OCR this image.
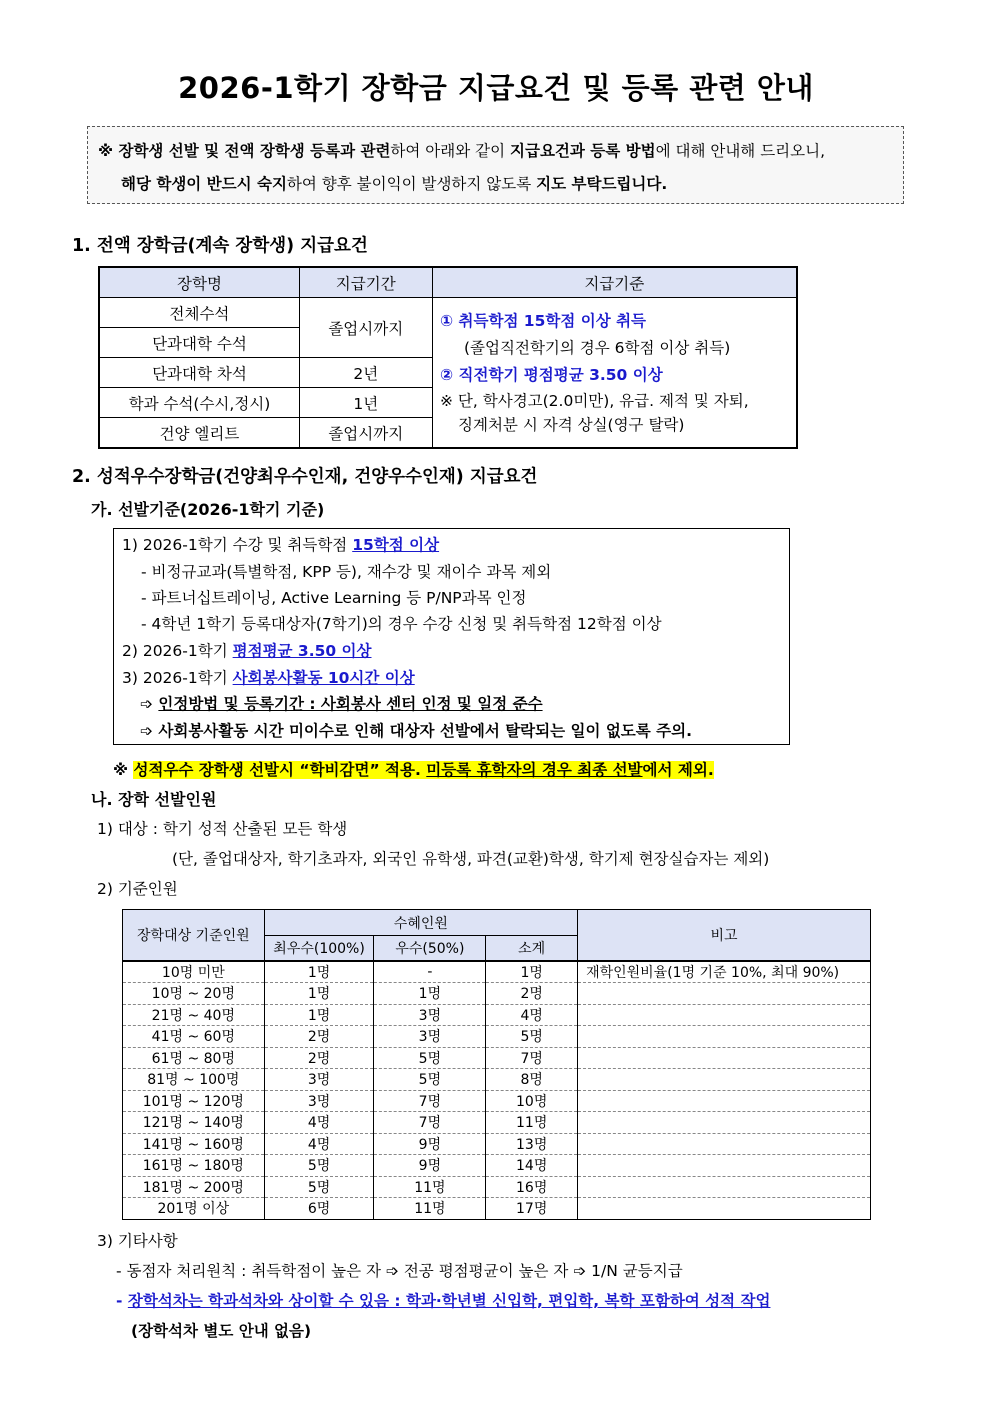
2026-1학기 장학금 지급요건 및 등록 관련 안내
※ 장학생 선발 및 전액 장학생 등록과 관련하여 아래와 같이 지급요건과 등록 방법에 대해 안내해 드리오니,
해당 학생이 반드시 숙지하여 향후 불이익이 발생하지 않도록 지도 부탁드립니다.
1. 전액 장학금(계속 장학생) 지급요건
장학명	지급기간	지급기준
전체수석	졸업시까지	
단과대학 수석		
단과대학 차석	2년	
학과 수석(수시,정시)	1년	
건양 엘리트	졸업시까지	
① 취득학점 15학점 이상 취득
(졸업직전학기의 경우 6학점 이상 취득)
② 직전학기 평점평균 3.50 이상
※ 단, 학사경고(2.0미만), 유급. 제적 및 자퇴,
징계처분 시 자격 상실(영구 탈락)
2. 성적우수장학금(건양최우수인재, 건양우수인재) 지급요건
가. 선발기준(2026-1학기 기준)
1) 2026-1학기 수강 및 취득학점 15학점 이상
- 비정규교과(특별학점, KPP 등), 재수강 및 재이수 과목 제외
- 파트너십트레이닝, Active Learning 등 P/NP과목 인정
- 4학년 1학기 등록대상자(7학기)의 경우 수강 신청 및 취득학점 12학점 이상
2) 2026-1학기 평점평균 3.50 이상
3) 2026-1학기 사회봉사활동 10시간 이상
➩ 인정방법 및 등록기간 : 사회봉사 센터 인정 및 일정 준수
➩ 사회봉사활동 시간 미이수로 인해 대상자 선발에서 탈락되는 일이 없도록 주의.
※ 성적우수 장학생 선발시 “학비감면” 적용. 미등록 휴학자의 경우 최종 선발에서 제외.
나. 장학 선발인원
1) 대상 : 학기 성적 산출된 모든 학생
(단, 졸업대상자, 학기초과자, 외국인 유학생, 파견(교환)학생, 학기제 현장실습자는 제외)
2) 기준인원
장학대상 기준인원	수혜인원			비고
	최우수(100%)	우수(50%)	소계	
10명 미만	1명	-	1명	재학인원비율(1명 기준 10%, 최대 90%)
10명 ~ 20명	1명	1명	2명	
21명 ~ 40명	1명	3명	4명	
41명 ~ 60명	2명	3명	5명	
61명 ~ 80명	2명	5명	7명	
81명 ~ 100명	3명	5명	8명	
101명 ~ 120명	3명	7명	10명	
121명 ~ 140명	4명	7명	11명	
141명 ~ 160명	4명	9명	13명	
161명 ~ 180명	5명	9명	14명	
181명 ~ 200명	5명	11명	16명	
201명 이상	6명	11명	17명	
3) 기타사항
- 동점자 처리원칙 : 취득학점이 높은 자 ➩ 전공 평점평균이 높은 자 ➩ 1/N 균등지급
- 장학석차는 학과석차와 상이할 수 있음 : 학과·학년별 신입학, 편입학, 복학 포함하여 성적 작업
(장학석차 별도 안내 없음)
